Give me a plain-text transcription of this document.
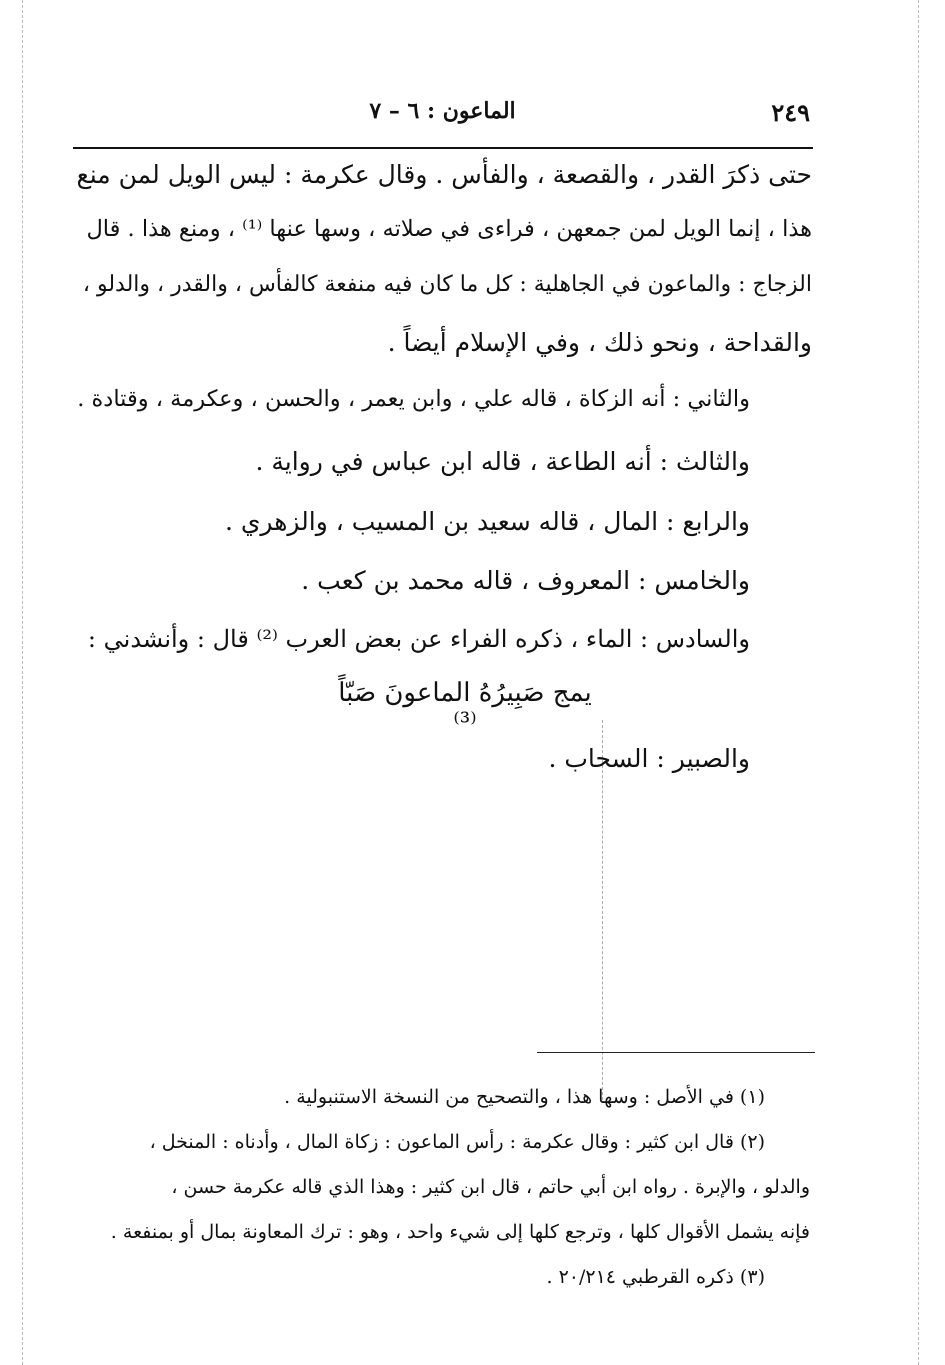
٢٤٩
الماعون : ٦ – ٧
حتى ذكرَ القدر ، والقصعة ، والفأس . وقال عكرمة : ليس الويل لمن منع
هذا ، إنما الويل لمن جمعهن ، فراءى في صلاته ، وسها عنها ⁽¹⁾ ، ومنع هذا . قال
الزجاج : والماعون في الجاهلية : كل ما كان فيه منفعة كالفأس ، والقدر ، والدلو ،
والقداحة ، ونحو ذلك ، وفي الإسلام أيضاً .
والثاني : أنه الزكاة ، قاله علي ، وابن يعمر ، والحسن ، وعكرمة ، وقتادة .
والثالث : أنه الطاعة ، قاله ابن عباس في رواية .
والرابع : المال ، قاله سعيد بن المسيب ، والزهري .
والخامس : المعروف ، قاله محمد بن كعب .
والسادس : الماء ، ذكره الفراء عن بعض العرب ⁽²⁾ قال : وأنشدني :
يمج صَبِيرُهُ الماعونَ صَبّاً ⁽³⁾
والصبير : السحاب .
(١) في الأصل : وسها هذا ، والتصحيح من النسخة الاستنبولية .
(٢) قال ابن كثير : وقال عكرمة : رأس الماعون : زكاة المال ، وأدناه : المنخل ،
والدلو ، والإبرة . رواه ابن أبي حاتم ، قال ابن كثير : وهذا الذي قاله عكرمة حسن ،
فإنه يشمل الأقوال كلها ، وترجع كلها إلى شيء واحد ، وهو : ترك المعاونة بمال أو بمنفعة .
(٣) ذكره القرطبي ٢٠/٢١٤ .
